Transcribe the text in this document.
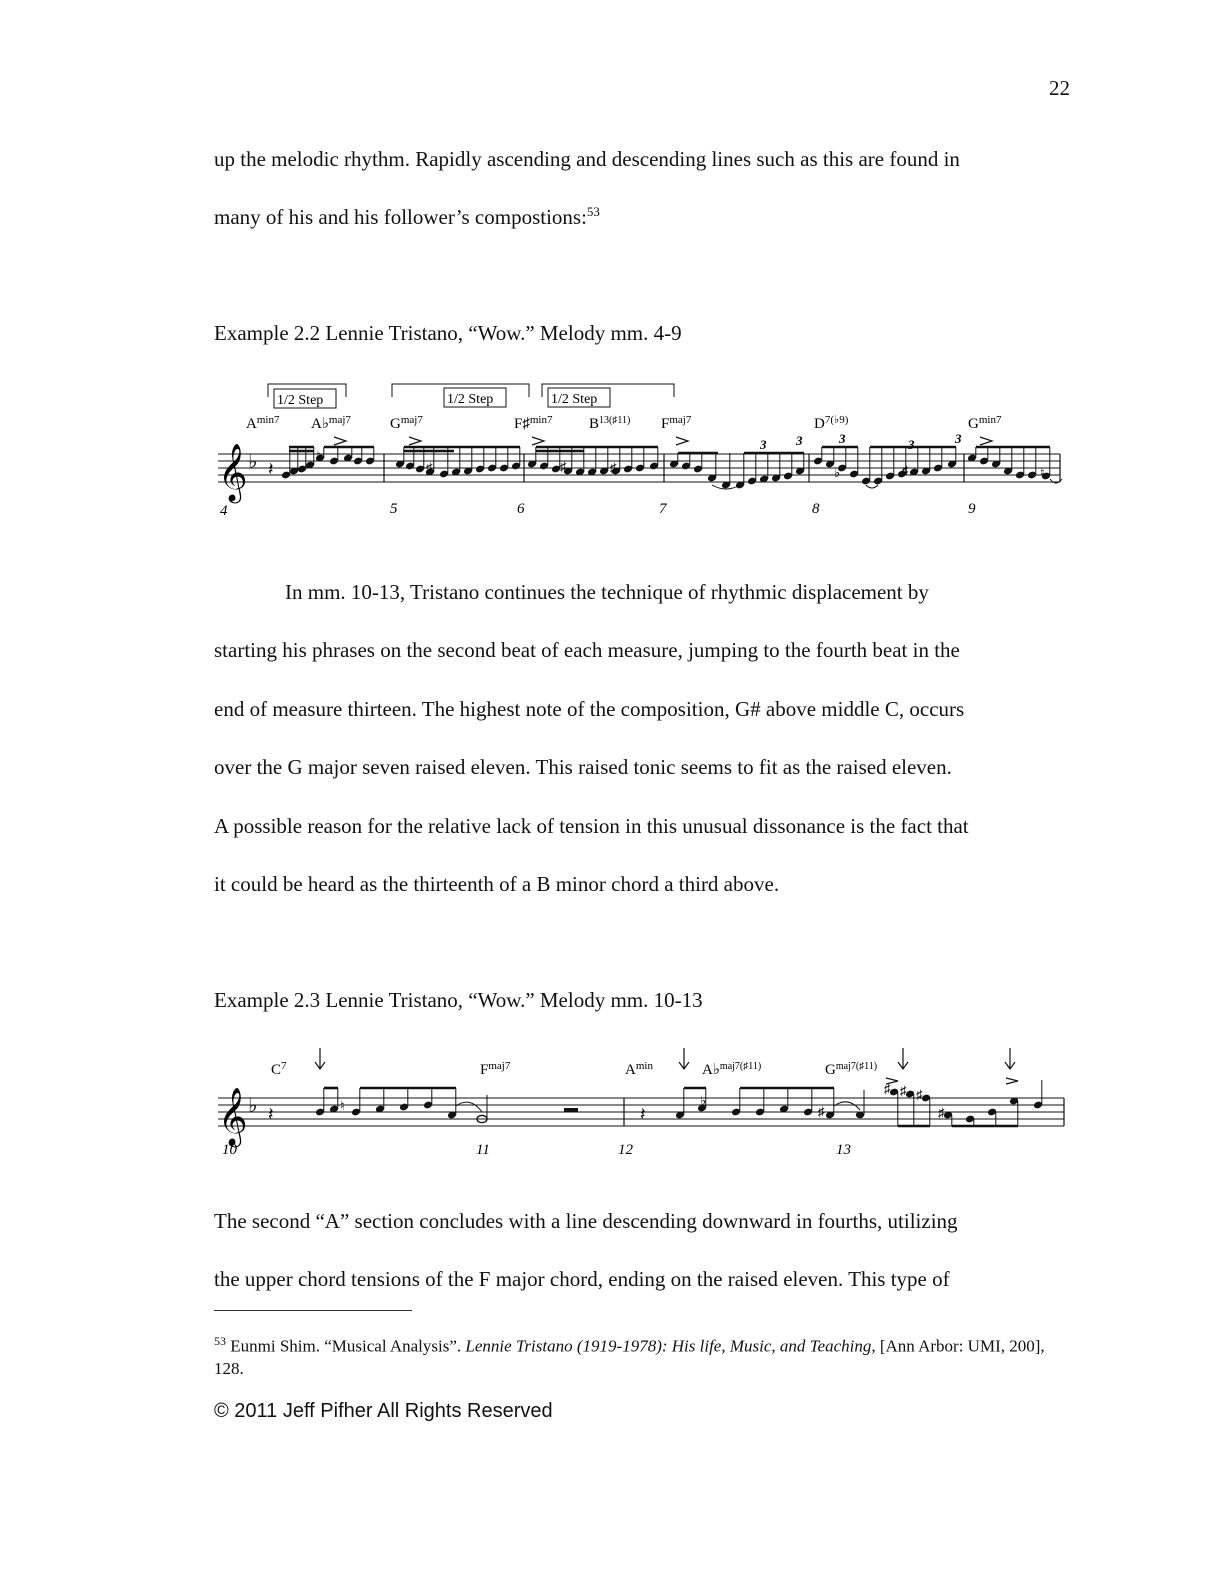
22
up the melodic rhythm. Rapidly ascending and descending lines such as this are found in
many of his and his follower’s compostions:$^{53}$
Example 2.2 Lennie Tristano, “Wow.” Melody mm. 4-9
𝄞 ♭
1/2 Step	1/2 Step	1/2 Step
$A^{min7}$ A♭$^{maj7}$	$G^{maj7}$	F♯$^{min7}$ $B^{13(♯11)}$ $F^{maj7}$	$D^{7(♭9)}$	$G^{min7}$
3 3	3	3	3
𝄽
♮
♯	♯	♯	♭	♯	♮
4	5	6	7	8	9
In mm. 10-13, Tristano continues the technique of rhythmic displacement by
starting his phrases on the second beat of each measure, jumping to the fourth beat in the
end of measure thirteen. The highest note of the composition, G# above middle C, occurs
over the G major seven raised eleven. This raised tonic seems to fit as the raised eleven.
A possible reason for the relative lack of tension in this unusual dissonance is the fact that
it could be heard as the thirteenth of a B minor chord a third above.
Example 2.3 Lennie Tristano, “Wow.” Melody mm. 10-13
𝄞 ♭
$C^7$	$F^{maj7}$	$A^{min}$	A♭$^{maj7(♯11)}$	$G^{maj7(♯11)}$
𝄽	𝄽
♮	♭
♯
♯ ♯ ♯
♯
10	11	12	13
The second “A” section concludes with a line descending downward in fourths, utilizing
the upper chord tensions of the F major chord, ending on the raised eleven. This type of
$^{53}$ Eunmi Shim. “Musical Analysis”. Lennie Tristano (1919-1978): His life, Music, and Teaching, [Ann Arbor: UMI, 200], 128.
© 2011 Jeff Pifher All Rights Reserved
